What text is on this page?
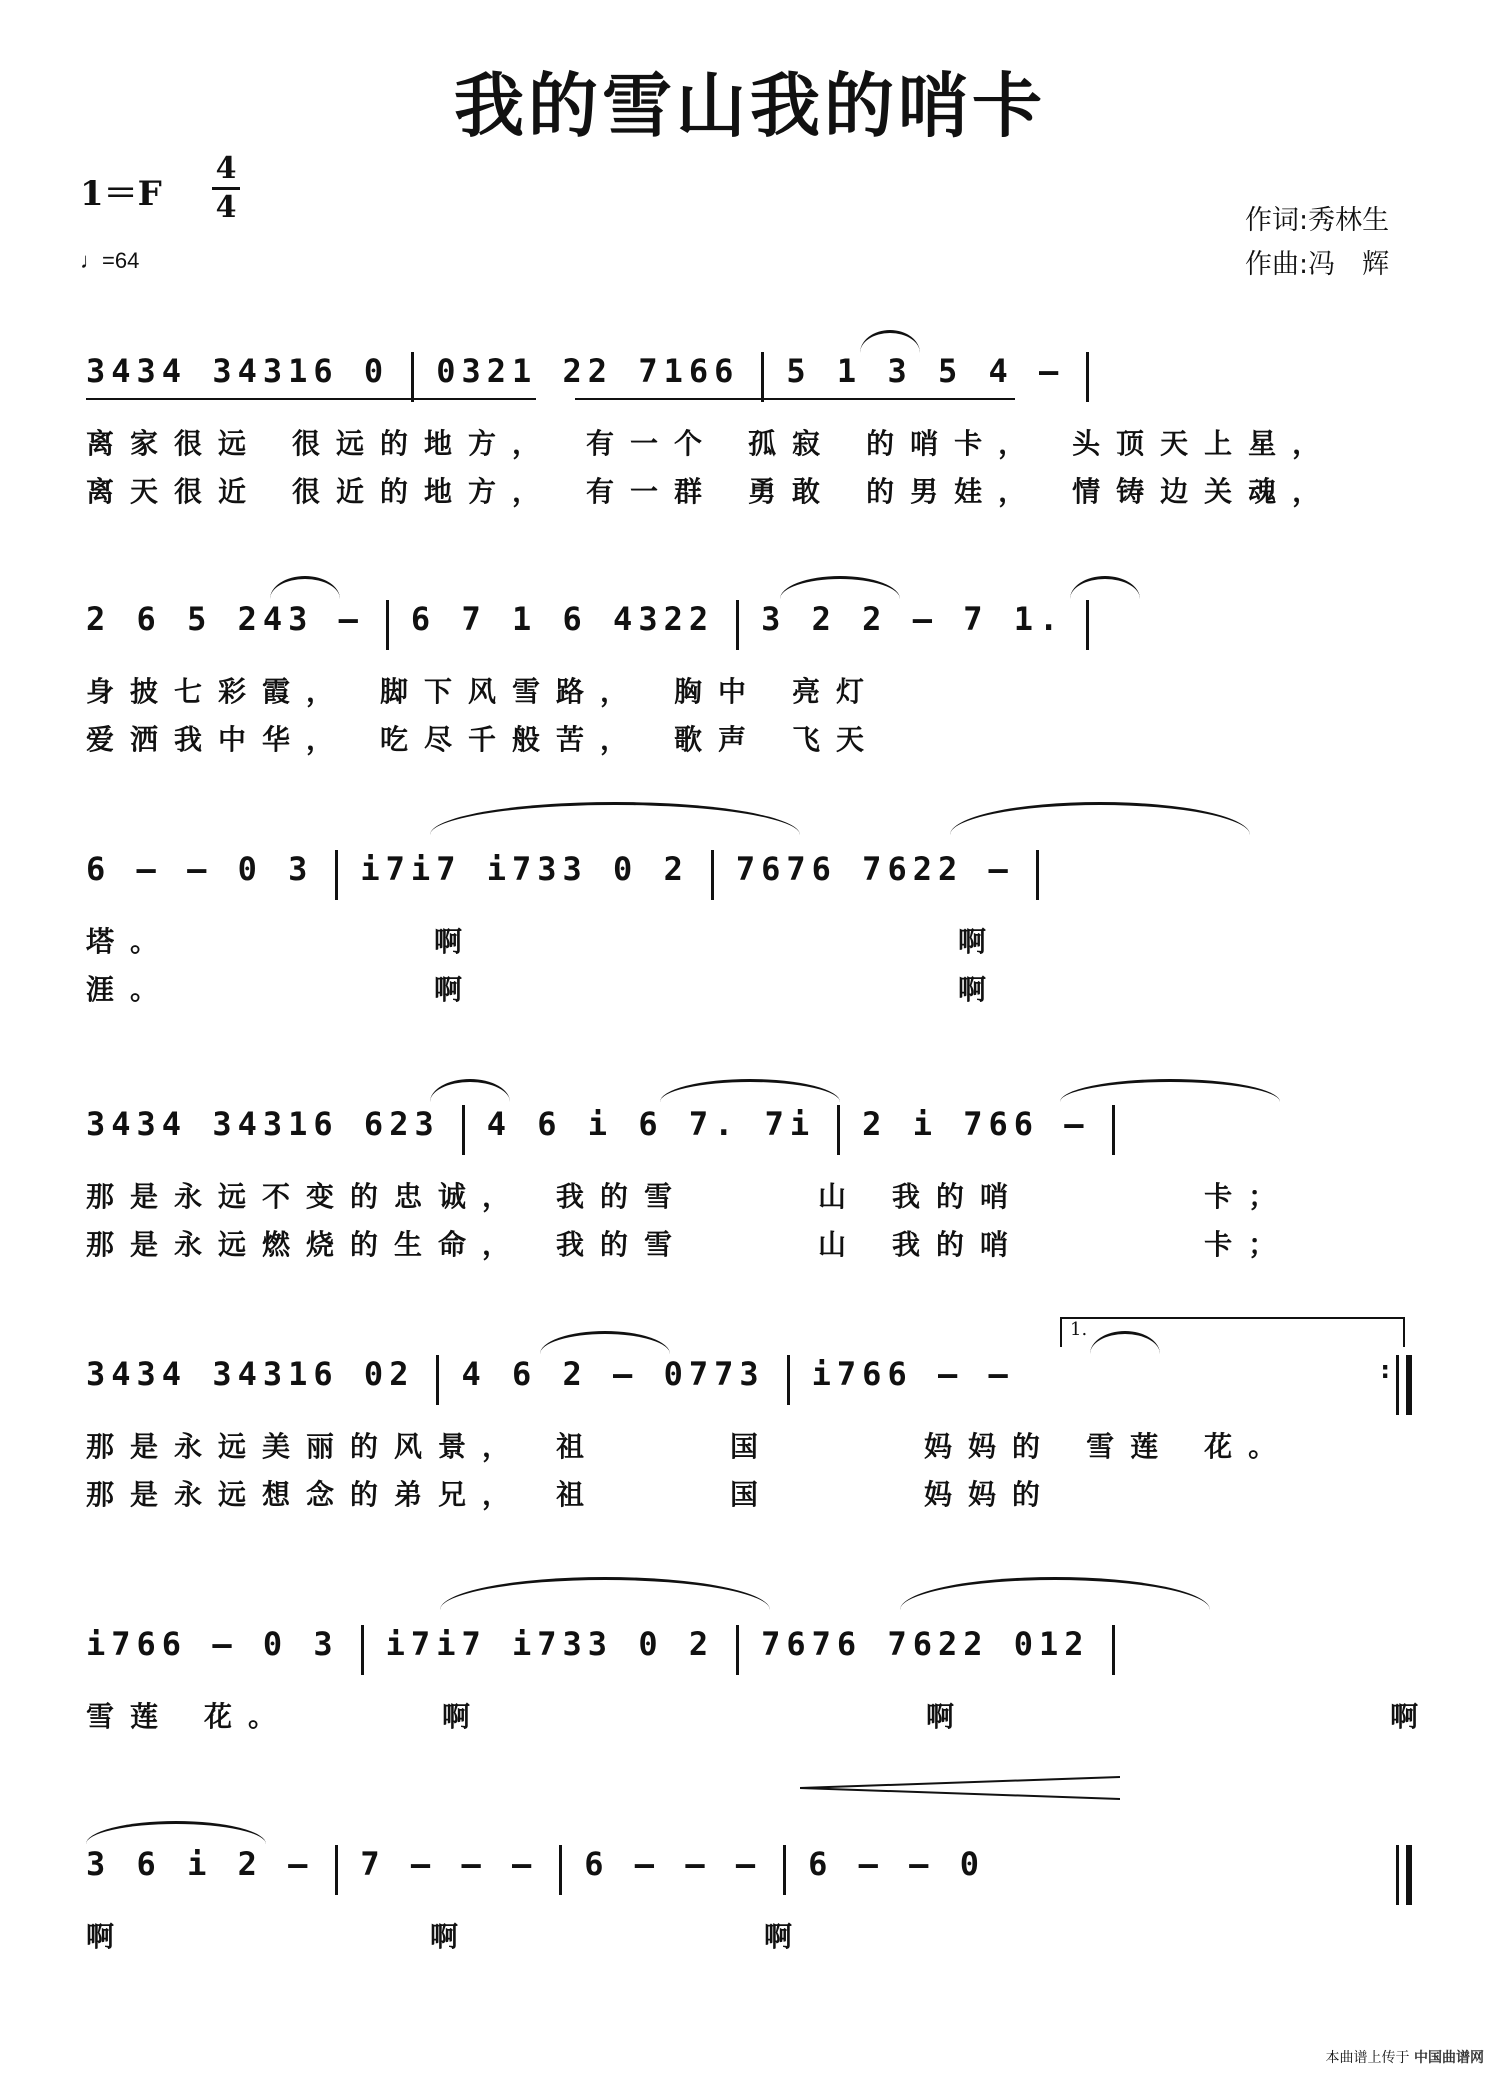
我的雪山我的哨卡
1＝F
4
4
♩=64
作词:秀林生
作曲:冯　辉
3434 34316 0 0321 22 7166 5 1 3 5 4 –
离家很远 很远的地方， 有一个 孤寂 的哨卡， 头顶天上星，
离天很近 很近的地方， 有一群 勇敢 的男娃， 情铸边关魂，
2 6 5 243 – 6 7 1 6 4322 3 2 2 – 7 1.
身披七彩霞， 脚下风雪路， 胸中 亮灯
爱洒我中华， 吃尽千般苦， 歌声 飞天
6 – – 0 3 i7i7 i733 0 2 7676 7622 –
塔。	啊	啊
涯。	啊	啊
3434 34316 623 4 6 i 6 7. 7i 2 i 766 –
那是永远不变的忠诚， 我的雪	山 我的哨	卡；
那是永远燃烧的生命， 我的雪	山 我的哨	卡；
1.
3434 34316 02 4 6 2 – 0773 i766 – –	:
那是永远美丽的风景， 祖	国	妈妈的 雪莲 花。
那是永远想念的弟兄， 祖	国	妈妈的
i766 – 0 3 i7i7 i733 0 2 7676 7622 012
雪莲 花。	啊	啊	啊
3 6 i 2 – 7 – – – 6 – – – 6 – – 0
啊	啊	啊
本曲谱上传于 中国曲谱网
